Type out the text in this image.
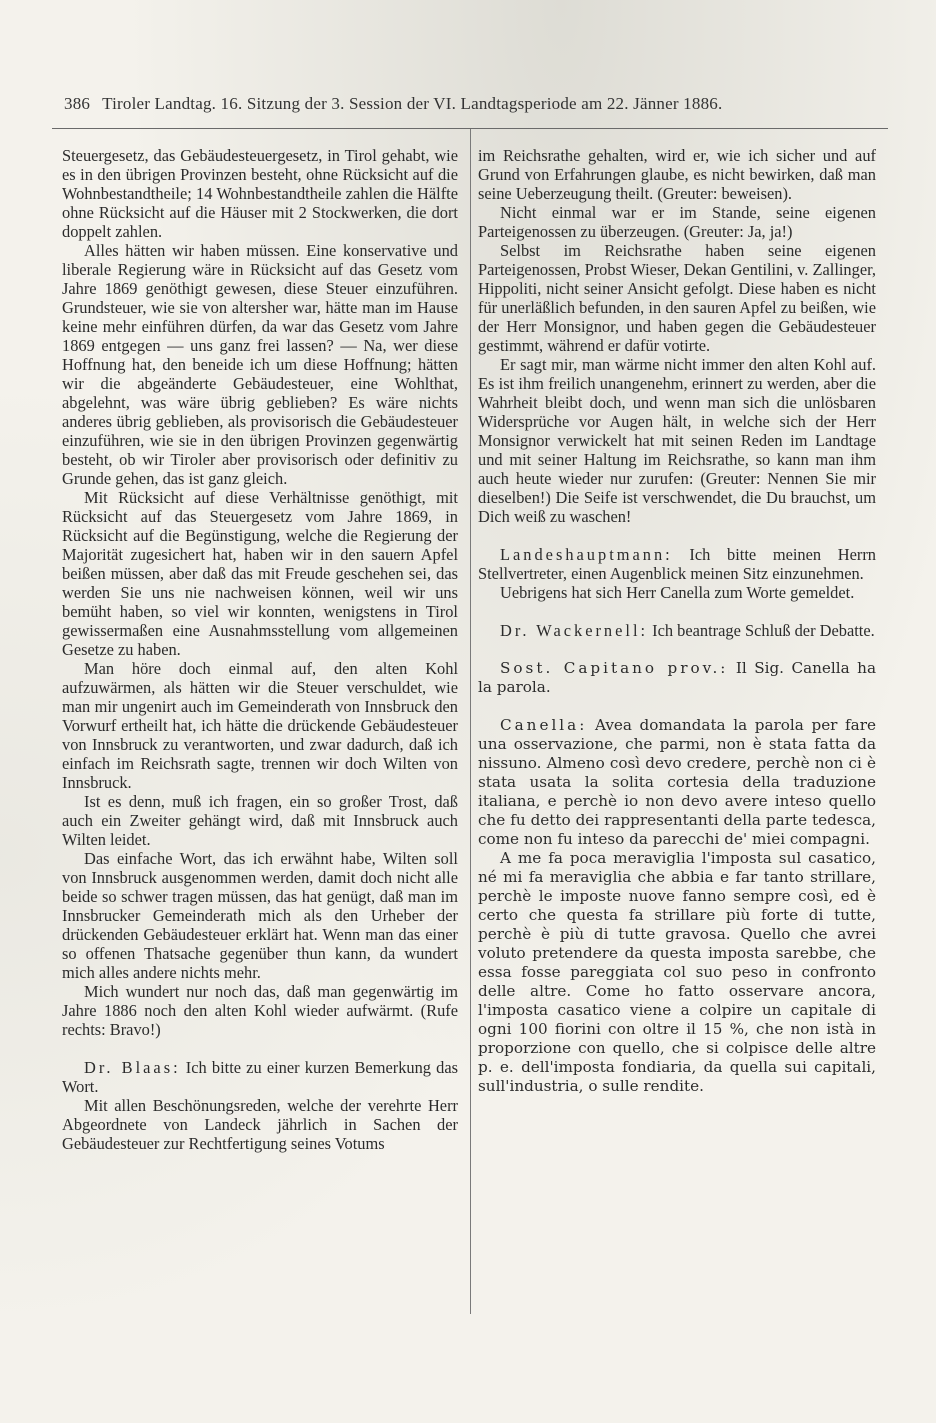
386 Tiroler Landtag. 16. Sitzung der 3. Session der VI. Landtagsperiode am 22. Jänner 1886.

Steuergesetz, das Gebäudesteuergesetz, in Tirol gehabt, wie es in den übrigen Provinzen besteht, ohne Rücksicht auf die Wohnbestandtheile; 14 Wohnbestandtheile zahlen die Hälfte ohne Rücksicht auf die Häuser mit 2 Stockwerken, die dort doppelt zahlen.

Alles hätten wir haben müssen. Eine konservative und liberale Regierung wäre in Rücksicht auf das Gesetz vom Jahre 1869 genöthigt gewesen, diese Steuer einzuführen. Grundsteuer, wie sie von altersher war, hätte man im Hause keine mehr einführen dürfen, da war das Gesetz vom Jahre 1869 entgegen — uns ganz frei lassen? — Na, wer diese Hoffnung hat, den beneide ich um diese Hoffnung; hätten wir die abgeänderte Gebäudesteuer, eine Wohlthat, abgelehnt, was wäre übrig geblieben? Es wäre nichts anderes übrig geblieben, als provisorisch die Gebäudesteuer einzuführen, wie sie in den übrigen Provinzen gegenwärtig besteht, ob wir Tiroler aber provisorisch oder definitiv zu Grunde gehen, das ist ganz gleich.

Mit Rücksicht auf diese Verhältnisse genöthigt, mit Rücksicht auf das Steuergesetz vom Jahre 1869, in Rücksicht auf die Begünstigung, welche die Regierung der Majorität zugesichert hat, haben wir in den sauern Apfel beißen müssen, aber daß das mit Freude geschehen sei, das werden Sie uns nie nachweisen können, weil wir uns bemüht haben, so viel wir konnten, wenigstens in Tirol gewissermaßen eine Ausnahmsstellung vom allgemeinen Gesetze zu haben.

Man höre doch einmal auf, den alten Kohl aufzuwärmen, als hätten wir die Steuer verschuldet, wie man mir ungenirt auch im Gemeinderath von Innsbruck den Vorwurf ertheilt hat, ich hätte die drückende Gebäudesteuer von Innsbruck zu verantworten, und zwar dadurch, daß ich einfach im Reichsrath sagte, trennen wir doch Wilten von Innsbruck.

Ist es denn, muß ich fragen, ein so großer Trost, daß auch ein Zweiter gehängt wird, daß mit Innsbruck auch Wilten leidet.

Das einfache Wort, das ich erwähnt habe, Wilten soll von Innsbruck ausgenommen werden, damit doch nicht alle beide so schwer tragen müssen, das hat genügt, daß man im Innsbrucker Gemeinderath mich als den Urheber der drückenden Gebäudesteuer erklärt hat. Wenn man das einer so offenen Thatsache gegenüber thun kann, da wundert mich alles andere nichts mehr.

Mich wundert nur noch das, daß man gegenwärtig im Jahre 1886 noch den alten Kohl wieder aufwärmt. (Rufe rechts: Bravo!)

Dr. Blaas: Ich bitte zu einer kurzen Bemerkung das Wort.

Mit allen Beschönungsreden, welche der verehrte Herr Abgeordnete von Landeck jährlich in Sachen der Gebäudesteuer zur Rechtfertigung seines Votums

im Reichsrathe gehalten, wird er, wie ich sicher und auf Grund von Erfahrungen glaube, es nicht bewirken, daß man seine Ueberzeugung theilt. (Greuter: beweisen).

Nicht einmal war er im Stande, seine eigenen Parteigenossen zu überzeugen. (Greuter: Ja, ja!)

Selbst im Reichsrathe haben seine eigenen Parteigenossen, Probst Wieser, Dekan Gentilini, v. Zallinger, Hippoliti, nicht seiner Ansicht gefolgt. Diese haben es nicht für unerläßlich befunden, in den sauren Apfel zu beißen, wie der Herr Monsignor, und haben gegen die Gebäudesteuer gestimmt, während er dafür votirte.

Er sagt mir, man wärme nicht immer den alten Kohl auf. Es ist ihm freilich unangenehm, erinnert zu werden, aber die Wahrheit bleibt doch, und wenn man sich die unlösbaren Widersprüche vor Augen hält, in welche sich der Herr Monsignor verwickelt hat mit seinen Reden im Landtage und mit seiner Haltung im Reichsrathe, so kann man ihm auch heute wieder nur zurufen: (Greuter: Nennen Sie mir dieselben!) Die Seife ist verschwendet, die Du brauchst, um Dich weiß zu waschen!

Landeshauptmann: Ich bitte meinen Herrn Stellvertreter, einen Augenblick meinen Sitz einzunehmen.

Uebrigens hat sich Herr Canella zum Worte gemeldet.

Dr. Wackernell: Ich beantrage Schluß der Debatte.

Sost. Capitano prov.: Il Sig. Canella ha la parola.

Canella: Avea domandata la parola per fare una osservazione, che parmi, non è stata fatta da nissuno. Almeno così devo credere, perchè non ci è stata usata la solita cortesia della traduzione italiana, e perchè io non devo avere inteso quello che fu detto dei rappresentanti della parte tedesca, come non fu inteso da parecchi de' miei compagni.

A me fa poca meraviglia l'imposta sul casatico, né mi fa meraviglia che abbia e far tanto strillare, perchè le imposte nuove fanno sempre così, ed è certo che questa fa strillare più forte di tutte, perchè è più di tutte gravosa. Quello che avrei voluto pretendere da questa imposta sarebbe, che essa fosse pareggiata col suo peso in confronto delle altre. Come ho fatto osservare ancora, l'imposta casatico viene a colpire un capitale di ogni 100 fiorini con oltre il 15 %, che non istà in proporzione con quello, che si colpisce delle altre p. e. dell'imposta fondiaria, da quella sui capitali, sull'industria, o sulle rendite.
